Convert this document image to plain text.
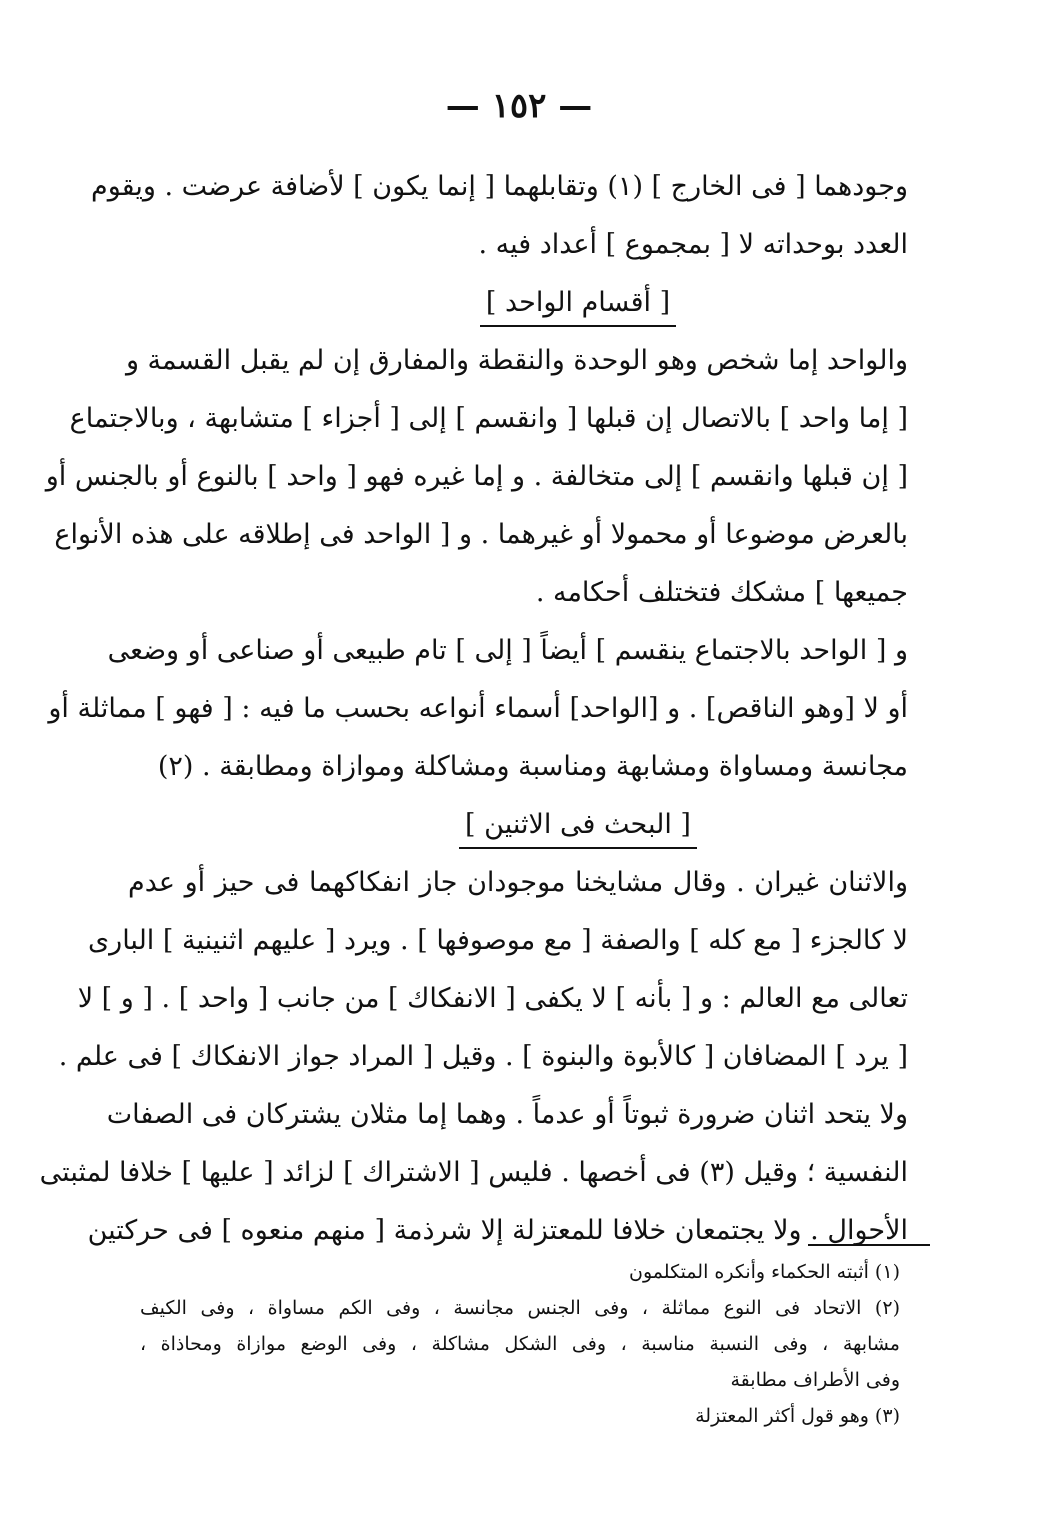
— ١٥٢ —
وجودهما [ فى الخارج ] (١) وتقابلهما [ إنما يكون ] لأضافة عرضت . ويقوم
العدد بوحداته لا [ بمجموع ] أعداد فيه .
[ أقسام الواحد ]
والواحد إما شخص وهو الوحدة والنقطة والمفارق إن لم يقبل القسمة و
[ إما واحد ] بالاتصال إن قبلها [ وانقسم ] إلى [ أجزاء ] متشابهة ، وبالاجتماع
[ إن قبلها وانقسم ] إلى متخالفة . و إما غيره فهو [ واحد ] بالنوع أو بالجنس أو
بالعرض موضوعا أو محمولا أو غيرهما . و [ الواحد فى إطلاقه على هذه الأنواع
جميعها ] مشكك فتختلف أحكامه .
و [ الواحد بالاجتماع ينقسم ] أيضاً [ إلى ] تام طبيعى أو صناعى أو وضعى
أو لا [وهو الناقص] . و [الواحد] أسماء أنواعه بحسب ما فيه : [ فهو ] مماثلة أو
مجانسة ومساواة ومشابهة ومناسبة ومشاكلة وموازاة ومطابقة . (٢)
[ البحث فى الاثنين ]
والاثنان غيران . وقال مشايخنا موجودان جاز انفكاكهما فى حيز أو عدم
لا كالجزء [ مع كله ] والصفة [ مع موصوفها ] . ويرد [ عليهم اثنينية ] البارى
تعالى مع العالم : و [ بأنه ] لا يكفى [ الانفكاك ] من جانب [ واحد ] . [ و ] لا
[ يرد ] المضافان [ كالأبوة والبنوة ] . وقيل [ المراد جواز الانفكاك ] فى علم .
ولا يتحد اثنان ضرورة ثبوتاً أو عدماً . وهما إما مثلان يشتركان فى الصفات
النفسية ؛ وقيل (٣) فى أخصها . فليس [ الاشتراك ] لزائد [ عليها ] خلافا لمثبتى
الأحوال . ولا يجتمعان خلافا للمعتزلة إلا شرذمة [ منهم منعوه ] فى حركتين
(١) أثبته الحكماء وأنكره المتكلمون
(٢) الاتحاد فى النوع مماثلة ، وفى الجنس مجانسة ، وفى الكم مساواة ، وفى الكيف
مشابهة ، وفى النسبة مناسبة ، وفى الشكل مشاكلة ، وفى الوضع موازاة ومحاذاة ،
وفى الأطراف مطابقة
(٣) وهو قول أكثر المعتزلة
